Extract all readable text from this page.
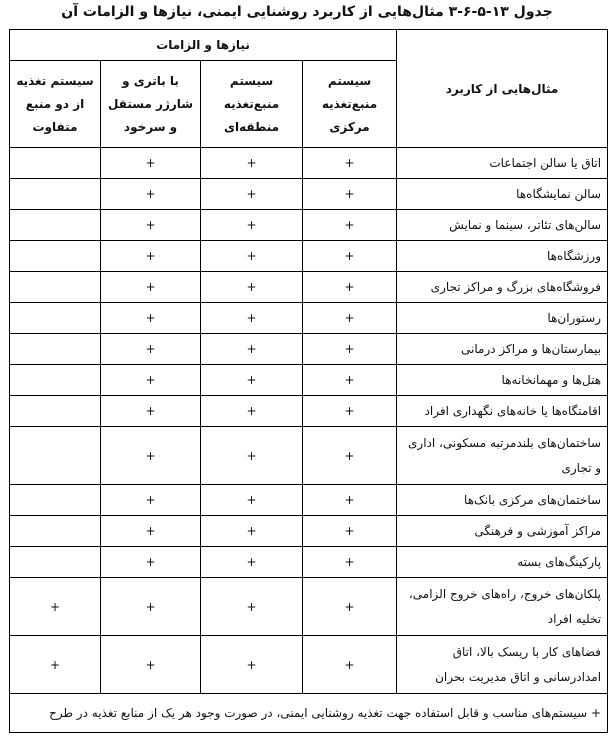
جدول ۱۳-۵-۶-۳ مثال‌هایی از کاربرد روشنایی ایمنی، نیازها و الزامات آن
مثال‌هایی از کاربرد	نیازها و الزامات			
	سیستم منبع‌تغذیه مرکزی	سیستم منبع‌تغذیه منطقه‌ای	با باتری و شارژر مستقل و سرخود	سیستم تغذیه از دو منبع متفاوت
اتاق یا سالن اجتماعات	+	+	+	
سالن نمایشگاه‌ها	+	+	+	
سالن‌های تئاتر، سینما و نمایش	+	+	+	
ورزشگاه‌ها	+	+	+	
فروشگاه‌های بزرگ و مراکز تجاری	+	+	+	
رستوران‌ها	+	+	+	
بیمارستان‌ها و مراکز درمانی	+	+	+	
هتل‌ها و مهمانخانه‌ها	+	+	+	
اقامتگاه‌ها یا خانه‌های نگهداری افراد	+	+	+	
ساختمان‌های بلندمرتبه مسکونی، اداری و تجاری	+	+	+	
ساختمان‌های مرکزی بانک‌ها	+	+	+	
مراکز آموزشی و فرهنگی	+	+	+	
پارکینگ‌های بسته	+	+	+	
پلکان‌های خروج، راه‌های خروج الزامی، تخلیه افراد	+	+	+	+
فضاهای کار با ریسک بالا، اتاق امدادرسانی و اتاق مدیریت بحران	+	+	+	+
+ سیستم‌های مناسب و قابل استفاده جهت تغذیه روشنایی ایمنی، در صورت وجود هر یک از منابع تغذیه در طرح				
